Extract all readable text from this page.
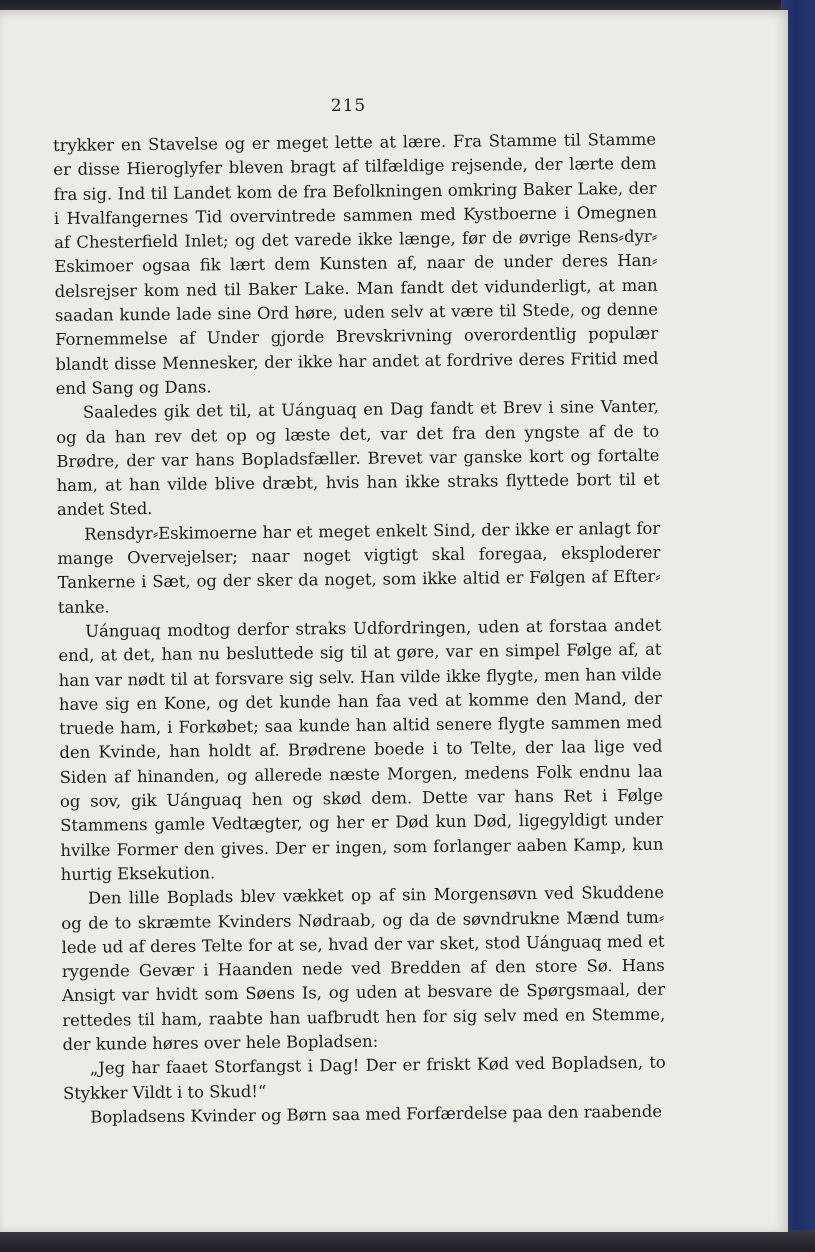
215

trykker en Stavelse og er meget lette at lære. Fra Stamme til Stamme er disse Hieroglyfer bleven bragt af tilfældige rejsende, der lærte dem fra sig. Ind til Landet kom de fra Befolkningen omkring Baker Lake, der i Hvalfangernes Tid overvintrede sammen med Kystboerne i Omegnen af Chesterfield Inlet; og det varede ikke længe, før de øvrige Rens⸗dyr⸗Eskimoer ogsaa fik lært dem Kunsten af, naar de under deres Han⸗delsrejser kom ned til Baker Lake. Man fandt det vidunderligt, at man saadan kunde lade sine Ord høre, uden selv at være til Stede, og denne Fornemmelse af Under gjorde Brevskrivning overordentlig populær blandt disse Mennesker, der ikke har andet at fordrive deres Fritid med end Sang og Dans.

Saaledes gik det til, at Uánguaq en Dag fandt et Brev i sine Vanter, og da han rev det op og læste det, var det fra den yngste af de to Brødre, der var hans Bopladsfæller. Brevet var ganske kort og fortalte ham, at han vilde blive dræbt, hvis han ikke straks flyttede bort til et andet Sted.

Rensdyr⸗Eskimoerne har et meget enkelt Sind, der ikke er anlagt for mange Overvejelser; naar noget vigtigt skal foregaa, eksploderer Tankerne i Sæt, og der sker da noget, som ikke altid er Følgen af Efter⸗tanke.

Uánguaq modtog derfor straks Udfordringen, uden at forstaa andet end, at det, han nu besluttede sig til at gøre, var en simpel Følge af, at han var nødt til at forsvare sig selv. Han vilde ikke flygte, men han vilde have sig en Kone, og det kunde han faa ved at komme den Mand, der truede ham, i Forkøbet; saa kunde han altid senere flygte sammen med den Kvinde, han holdt af. Brødrene boede i to Telte, der laa lige ved Siden af hinanden, og allerede næste Morgen, medens Folk endnu laa og sov, gik Uánguaq hen og skød dem. Dette var hans Ret i Følge Stammens gamle Vedtægter, og her er Død kun Død, ligegyldigt under hvilke Former den gives. Der er ingen, som forlanger aaben Kamp, kun hurtig Eksekution.

Den lille Boplads blev vækket op af sin Morgensøvn ved Skuddene og de to skræmte Kvinders Nødraab, og da de søvndrukne Mænd tum⸗lede ud af deres Telte for at se, hvad der var sket, stod Uánguaq med et rygende Gevær i Haanden nede ved Bredden af den store Sø. Hans Ansigt var hvidt som Søens Is, og uden at besvare de Spørgsmaal, der rettedes til ham, raabte han uafbrudt hen for sig selv med en Stemme, der kunde høres over hele Bopladsen:

„Jeg har faaet Storfangst i Dag! Der er friskt Kød ved Bopladsen, to Stykker Vildt i to Skud!“

Bopladsens Kvinder og Børn saa med Forfærdelse paa den raabende
